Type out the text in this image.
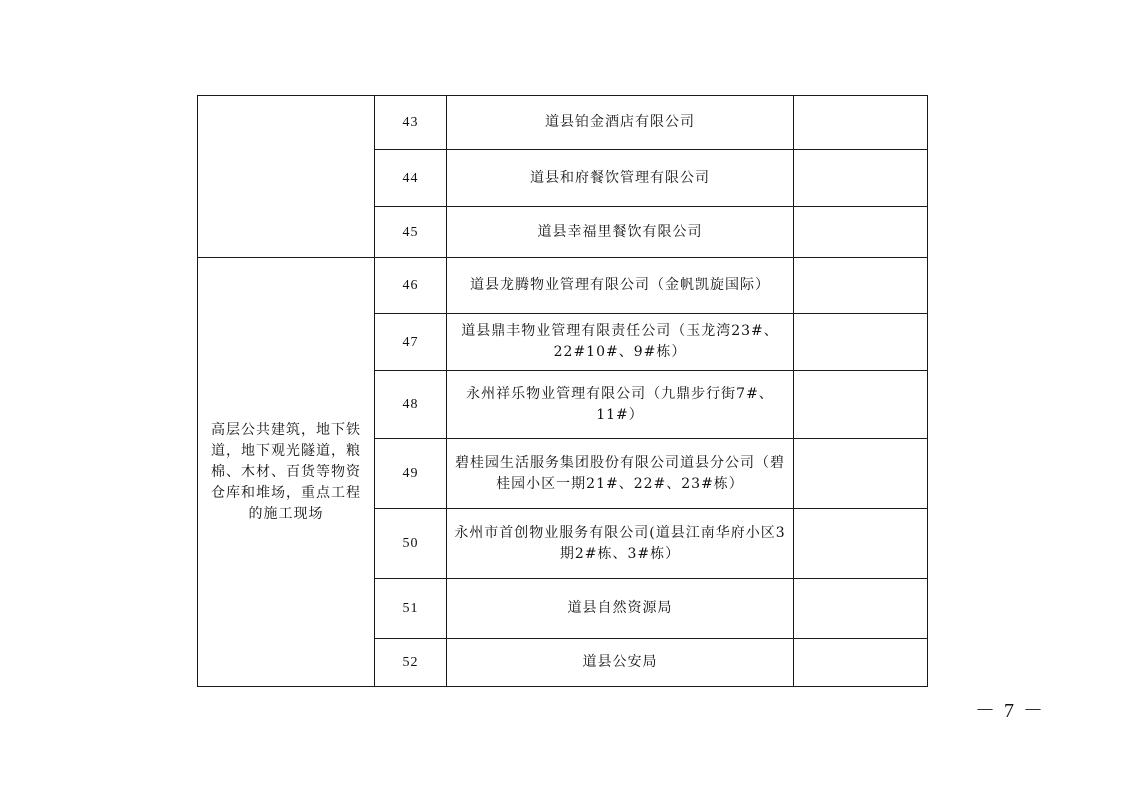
	43	道县铂金酒店有限公司	
	44	道县和府餐饮管理有限公司	
	45	道县幸福里餐饮有限公司	
高层公共建筑，地下铁道，地下观光隧道，粮棉、木材、百货等物资仓库和堆场，重点工程的施工现场	46	道县龙腾物业管理有限公司（金帆凯旋国际）	
	47	道县鼎丰物业管理有限责任公司（玉龙湾23#、22#10#、9#栋）	
	48	永州祥乐物业管理有限公司（九鼎步行街7#、11#）	
	49	碧桂园生活服务集团股份有限公司道县分公司（碧桂园小区一期21#、22#、23#栋）	
	50	永州市首创物业服务有限公司(道县江南华府小区3期2#栋、3#栋）	
	51	道县自然资源局	
	52	道县公安局	
－ 7 －
